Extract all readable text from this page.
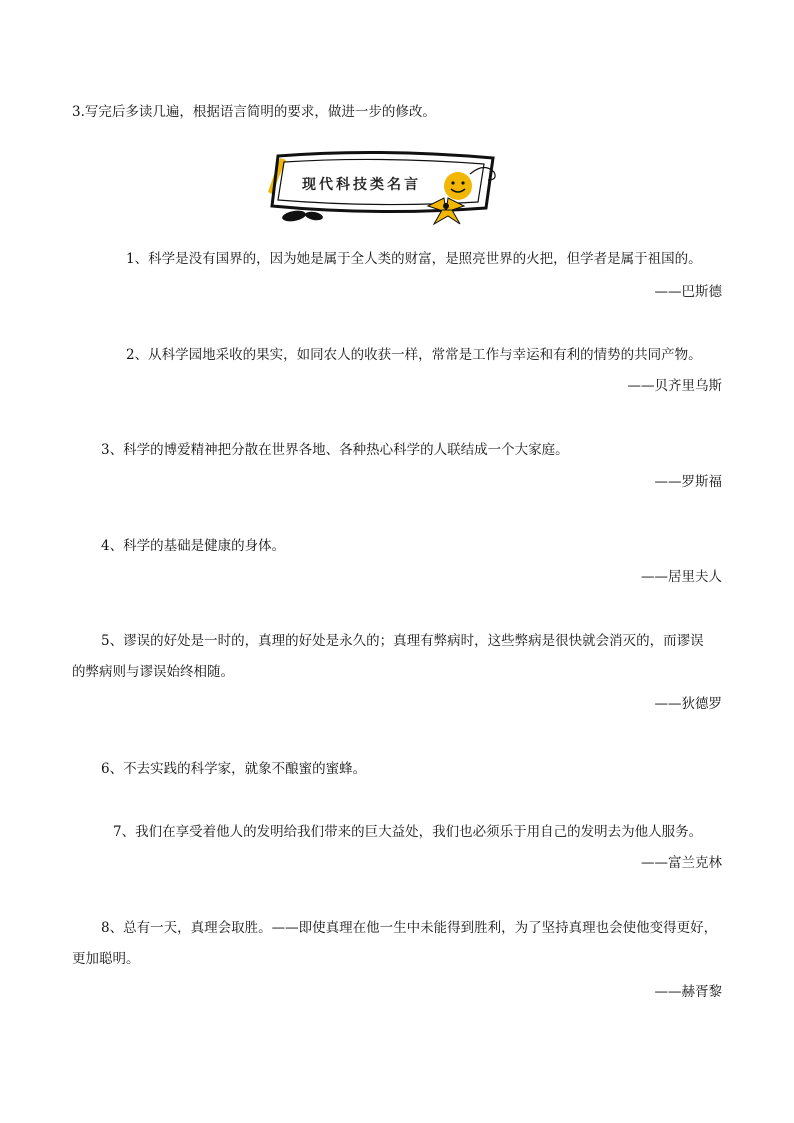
3.写完后多读几遍，根据语言简明的要求，做进一步的修改。
现代科技类名言
1、科学是没有国界的，因为她是属于全人类的财富，是照亮世界的火把，但学者是属于祖国的。
——巴斯德
2、从科学园地采收的果实，如同农人的收获一样，常常是工作与幸运和有利的情势的共同产物。
——贝齐里乌斯
3、科学的博爱精神把分散在世界各地、各种热心科学的人联结成一个大家庭。
——罗斯福
4、科学的基础是健康的身体。
——居里夫人
5、谬误的好处是一时的，真理的好处是永久的；真理有弊病时，这些弊病是很快就会消灭的，而谬误
的弊病则与谬误始终相随。
——狄德罗
6、不去实践的科学家，就象不酿蜜的蜜蜂。
7、我们在享受着他人的发明给我们带来的巨大益处，我们也必须乐于用自己的发明去为他人服务。
——富兰克林
8、总有一天，真理会取胜。——即使真理在他一生中未能得到胜利，为了坚持真理也会使他变得更好，
更加聪明。
——赫胥黎
